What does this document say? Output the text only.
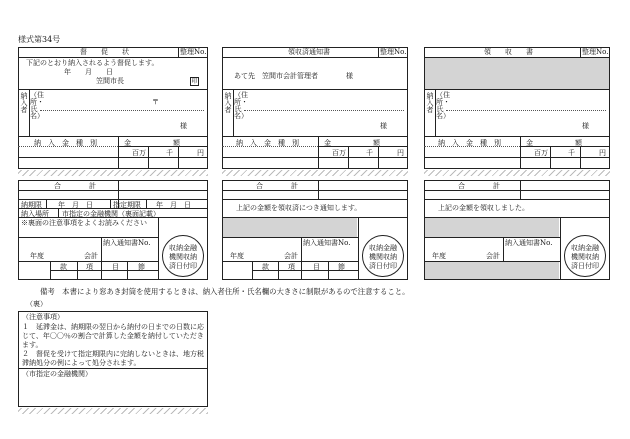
様式第34号
督　　促　　状	整理No.
下記のとおり納入されるよう督促します。
年　　月　　日
笠間市長	印
納入者
（住所・氏名）
〒
様
納　入　金　種　別	金　　　　　　額
百万	千	円
合　　　　計
納期限 年　月　日	指定期限 年　月　日
納入場所 市指定の金融機関（裏面記載）
※裏面の注意事項をよくお読みください
納入通知書No.
収納金融機関収納済日付印
年度	会計
款	項	目	節
領収済通知書	整理No.
あて先　笠間市会計管理者　　　　様
納入者
（住所・氏名）
様
納　入　金　種　別	金　　　　　　額
百万	千	円
合　　　　計
上記の金額を領収済につき通知します。
納入通知書No.
収納金融機関収納済日付印
年度	会計
款	項	目	節
領　　収　　書	整理No.
納入者
（住所・氏名）
様
納　入　金　種　別	金　　　　　　額
百万	千	円
合　　　　計
上記の金額を領収しました。
納入通知書No.
収納金融機関収納済日付印
年度	会計
備考　本書により窓あき封筒を使用するときは、納入者住所・氏名欄の大きさに制限があるので注意すること。
（裏）
（注意事項）
１　延滞金は、納期限の翌日から納付の日までの日数に応じて、年〇〇％の割合で計算した金額を納付していただきます。
２　督促を受けて指定期限内に完納しないときは、地方税滞納処分の例によって処分されます。
（市指定の金融機関）
